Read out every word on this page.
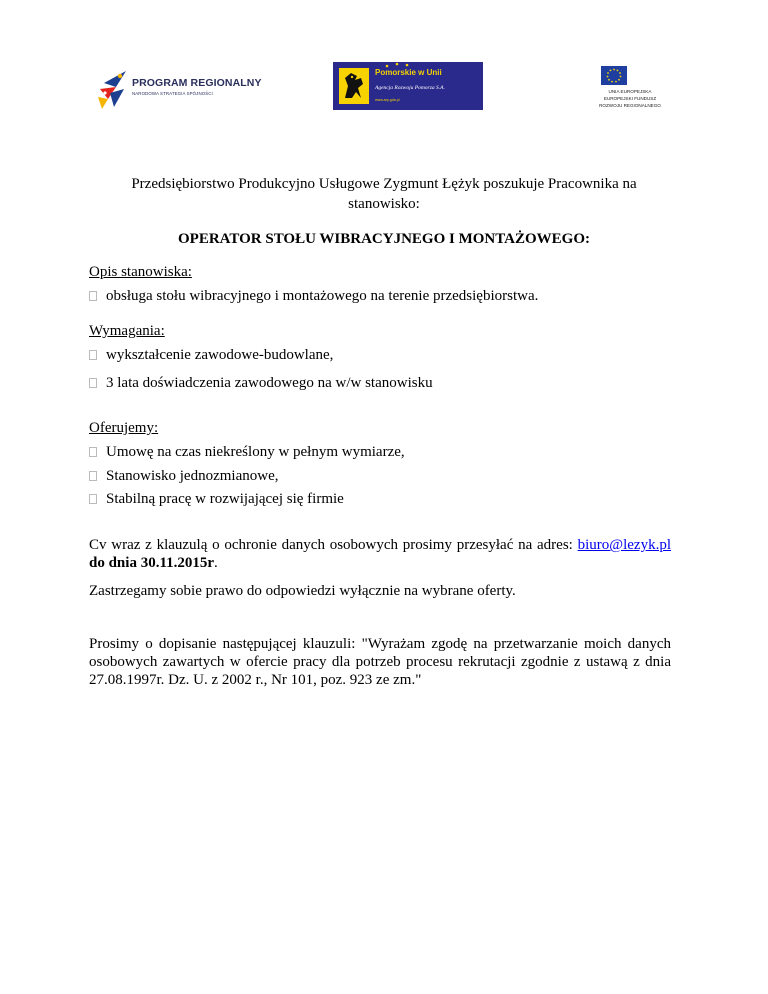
PROGRAM REGIONALNY
NARODOWA STRATEGIA SPÓJNOŚCI
Pomorskie w Unii
Agencja Rozwoju Pomorza S.A.
www.arp.gda.pl
UNIA EUROPEJSKA
EUROPEJSKI FUNDUSZ
ROZWOJU REGIONALNEGO
Przedsiębiorstwo Produkcyjno Usługowe Zygmunt Łężyk poszukuje Pracownika na
stanowisko:
OPERATOR STOŁU WIBRACYJNEGO I MONTAŻOWEGO:
Opis stanowiska:
obsługa stołu wibracyjnego i montażowego na terenie przedsiębiorstwa.
Wymagania:
wykształcenie zawodowe-budowlane,
3 lata doświadczenia zawodowego na w/w stanowisku
Oferujemy:
Umowę na czas niekreślony w pełnym wymiarze,
Stanowisko jednozmianowe,
Stabilną pracę w rozwijającej się firmie
Cv wraz z klauzulą o ochronie danych osobowych prosimy przesyłać na adres: biuro@lezyk.pl
do dnia 30.11.2015r.
Zastrzegamy sobie prawo do odpowiedzi wyłącznie na wybrane oferty.
Prosimy o dopisanie następującej klauzuli: "Wyrażam zgodę na przetwarzanie moich danych
osobowych zawartych w ofercie pracy dla potrzeb procesu rekrutacji zgodnie z ustawą z dnia
27.08.1997r. Dz. U. z 2002 r., Nr 101, poz. 923 ze zm."
